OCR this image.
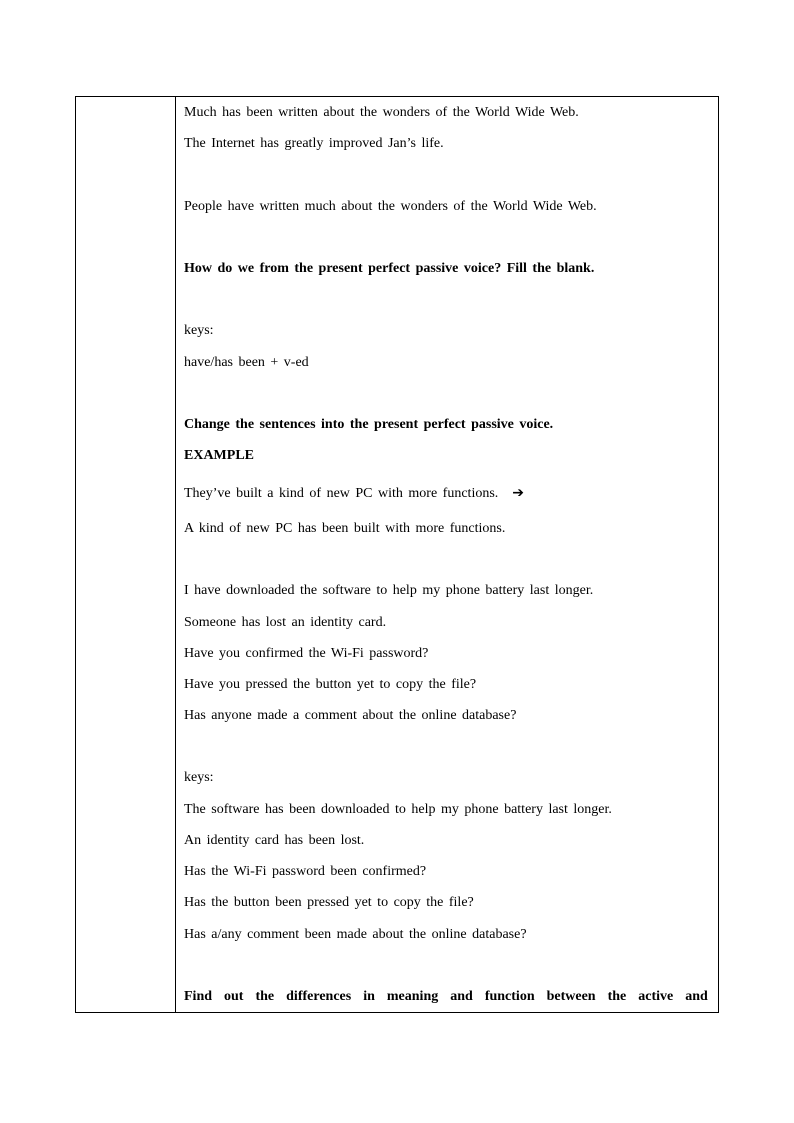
Much has been written about the wonders of the World Wide Web.
The Internet has greatly improved Jan’s life.
People have written much about the wonders of the World Wide Web.
How do we from the present perfect passive voice? Fill the blank.
keys:
have/has been + v-ed
Change the sentences into the present perfect passive voice.
EXAMPLE
They’ve built a kind of new PC with more functions. ➔
A kind of new PC has been built with more functions.
I have downloaded the software to help my phone battery last longer.
Someone has lost an identity card.
Have you confirmed the Wi-Fi password?
Have you pressed the button yet to copy the file?
Has anyone made a comment about the online database?
keys:
The software has been downloaded to help my phone battery last longer.
An identity card has been lost.
Has the Wi-Fi password been confirmed?
Has the button been pressed yet to copy the file?
Has a/any comment been made about the online database?
Find out the differences in meaning and function between the active and
